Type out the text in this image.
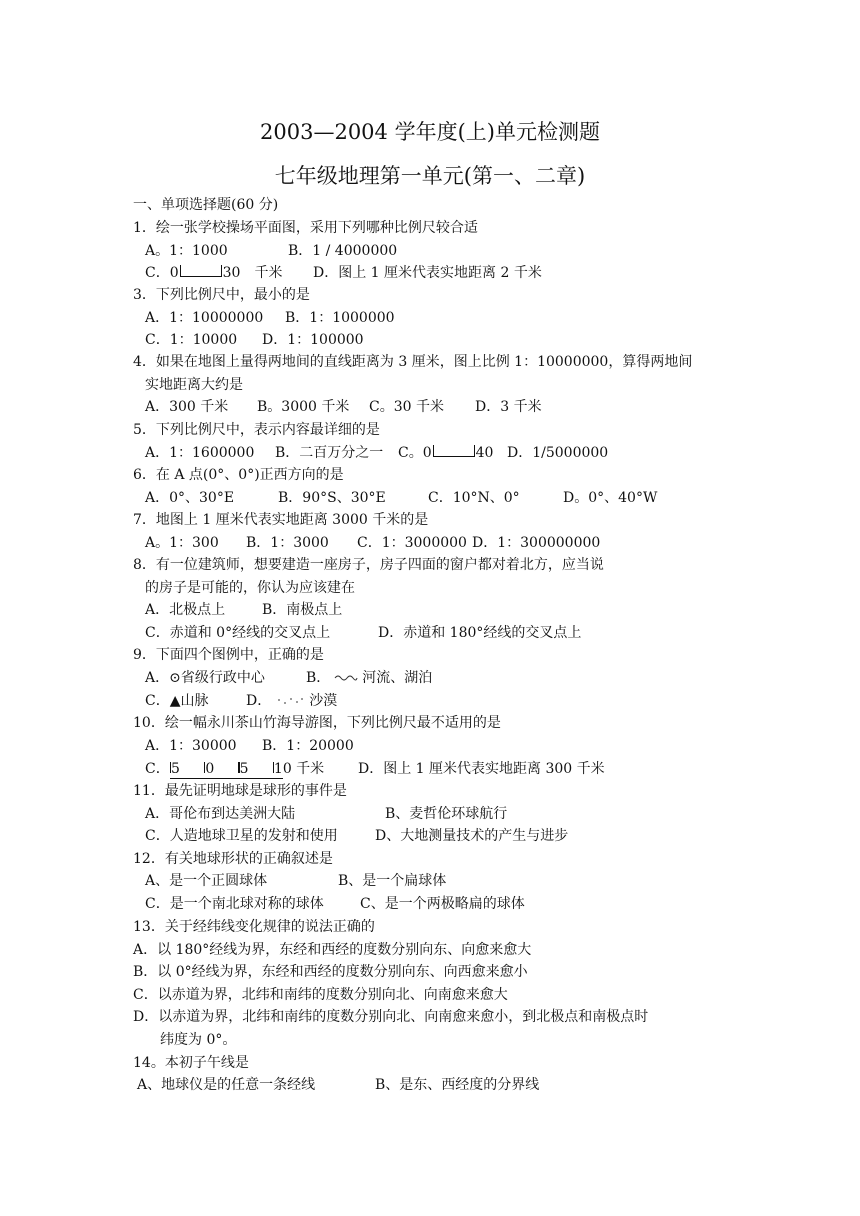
2003—2004 学年度(上)单元检测题
七年级地理第一单元(第一、二章)
一、单项选择题(60 分)
1．绘一张学校操场平面图，采用下列哪种比例尺较合适
A。1：1000	B．1 / 4000000
C．0	30　千米 D．图上 1 厘米代表实地距离 2 千米
3．下列比例尺中，最小的是
A．1：10000000 B．1：1000000
C．1：10000 D．1：100000
4．如果在地图上量得两地间的直线距离为 3 厘米，图上比例 1：10000000，算得两地间
实地距离大约是
A．300 千米 B。3000 千米 C。30 千米 D．3 千米
5．下列比例尺中，表示内容最详细的是
A．1：1600000 B．二百万分之一 C。0	40 D．1/5000000
6．在 A 点(0°、0°)正西方向的是
A．0°、30°E	B．90°S、30°E	C．10°N、0°	D。0°、40°W
7．地图上 1 厘米代表实地距离 3000 千米的是
A。1：300 B．1：3000 C．1：3000000 D．1：300000000
8．有一位建筑师，想要建造一座房子，房子四面的窗户都对着北方，应当说
的房子是可能的，你认为应该建在
A．北极点上	B．南极点上
C．赤道和 0°经线的交叉点上	D．赤道和 180°经线的交叉点上
9．下面四个图例中，正确的是
A．⊙省级行政中心	B． 河流、湖泊
C．▲山脉	D．	沙漠
10．绘一幅永川茶山竹海导游图，下列比例尺最不适用的是
A．1：30000 B．1：20000
C．5 0 5 10 千米 D．图上 1 厘米代表实地距离 300 千米
11．最先证明地球是球形的事件是
A．哥伦布到达美洲大陆	B、麦哲伦环球航行
C．人造地球卫星的发射和使用	D、大地测量技术的产生与进步
12．有关地球形状的正确叙述是
A、是一个正圆球体	B、是一个扁球体
C．是一个南北球对称的球体	C、是一个两极略扁的球体
13．关于经纬线变化规律的说法正确的
A．以 180°经线为界，东经和西经的度数分别向东、向愈来愈大
B．以 0°经线为界，东经和西经的度数分别向东、向西愈来愈小
C．以赤道为界，北纬和南纬的度数分别向北、向南愈来愈大
D．以赤道为界，北纬和南纬的度数分别向北、向南愈来愈小，到北极点和南极点时
纬度为 0°。
14。本初子午线是
A、地球仪是的任意一条经线	B、是东、西经度的分界线
